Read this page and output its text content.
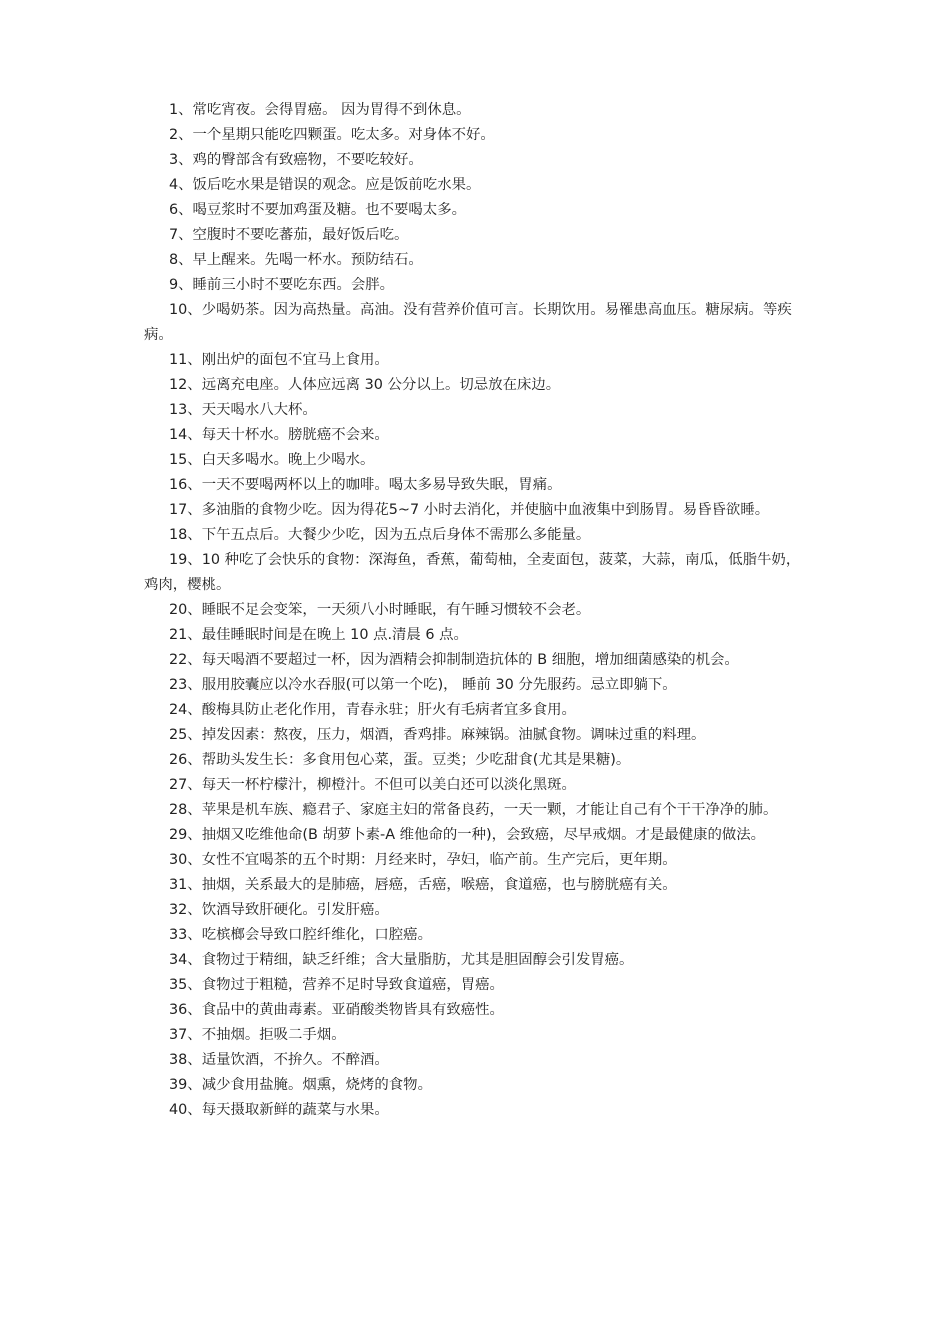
1、常吃宵夜。会得胃癌。 因为胃得不到休息。

2、一个星期只能吃四颗蛋。吃太多。对身体不好。

3、鸡的臀部含有致癌物，不要吃较好。

4、饭后吃水果是错误的观念。应是饭前吃水果。

6、喝豆浆时不要加鸡蛋及糖。也不要喝太多。

7、空腹时不要吃蕃茄，最好饭后吃。

8、早上醒来。先喝一杯水。预防结石。

9、睡前三小时不要吃东西。会胖。

10、少喝奶茶。因为高热量。高油。没有营养价值可言。长期饮用。易罹患高血压。糖尿病。等疾病。

11、刚出炉的面包不宜马上食用。

12、远离充电座。人体应远离 30 公分以上。切忌放在床边。

13、天天喝水八大杯。

14、每天十杯水。膀胱癌不会来。

15、白天多喝水。晚上少喝水。

16、一天不要喝两杯以上的咖啡。喝太多易导致失眠，胃痛。

17、多油脂的食物少吃。因为得花5~7 小时去消化，并使脑中血液集中到肠胃。易昏昏欲睡。

18、下午五点后。大餐少少吃，因为五点后身体不需那么多能量。

19、10 种吃了会快乐的食物：深海鱼，香蕉，葡萄柚，全麦面包，菠菜，大蒜，南瓜，低脂牛奶，鸡肉，樱桃。

20、睡眠不足会变笨，一天须八小时睡眠，有午睡习惯较不会老。

21、最佳睡眠时间是在晚上 10 点.清晨 6 点。

22、每天喝酒不要超过一杯，因为酒精会抑制制造抗体的 B 细胞，增加细菌感染的机会。

23、服用胶囊应以冷水吞服(可以第一个吃)， 睡前 30 分先服药。忌立即躺下。

24、酸梅具防止老化作用，青春永驻；肝火有毛病者宜多食用。

25、掉发因素：熬夜，压力，烟酒，香鸡排。麻辣锅。油腻食物。调味过重的料理。

26、帮助头发生长：多食用包心菜，蛋。豆类；少吃甜食(尤其是果糖)。

27、每天一杯柠檬汁，柳橙汁。不但可以美白还可以淡化黑斑。

28、苹果是机车族、瘾君子、家庭主妇的常备良药，一天一颗，才能让自己有个干干净净的肺。

29、抽烟又吃维他命(B 胡萝卜素-A 维他命的一种)，会致癌，尽早戒烟。才是最健康的做法。

30、女性不宜喝茶的五个时期：月经来时，孕妇，临产前。生产完后，更年期。

31、抽烟，关系最大的是肺癌，唇癌，舌癌，喉癌，食道癌，也与膀胱癌有关。

32、饮酒导致肝硬化。引发肝癌。

33、吃槟榔会导致口腔纤维化，口腔癌。

34、食物过于精细，缺乏纤维；含大量脂肪，尤其是胆固醇会引发胃癌。

35、食物过于粗糙，营养不足时导致食道癌，胃癌。

36、食品中的黄曲毒素。亚硝酸类物皆具有致癌性。

37、不抽烟。拒吸二手烟。

38、适量饮酒，不拚久。不醉酒。

39、减少食用盐腌。烟熏，烧烤的食物。

40、每天摄取新鲜的蔬菜与水果。
